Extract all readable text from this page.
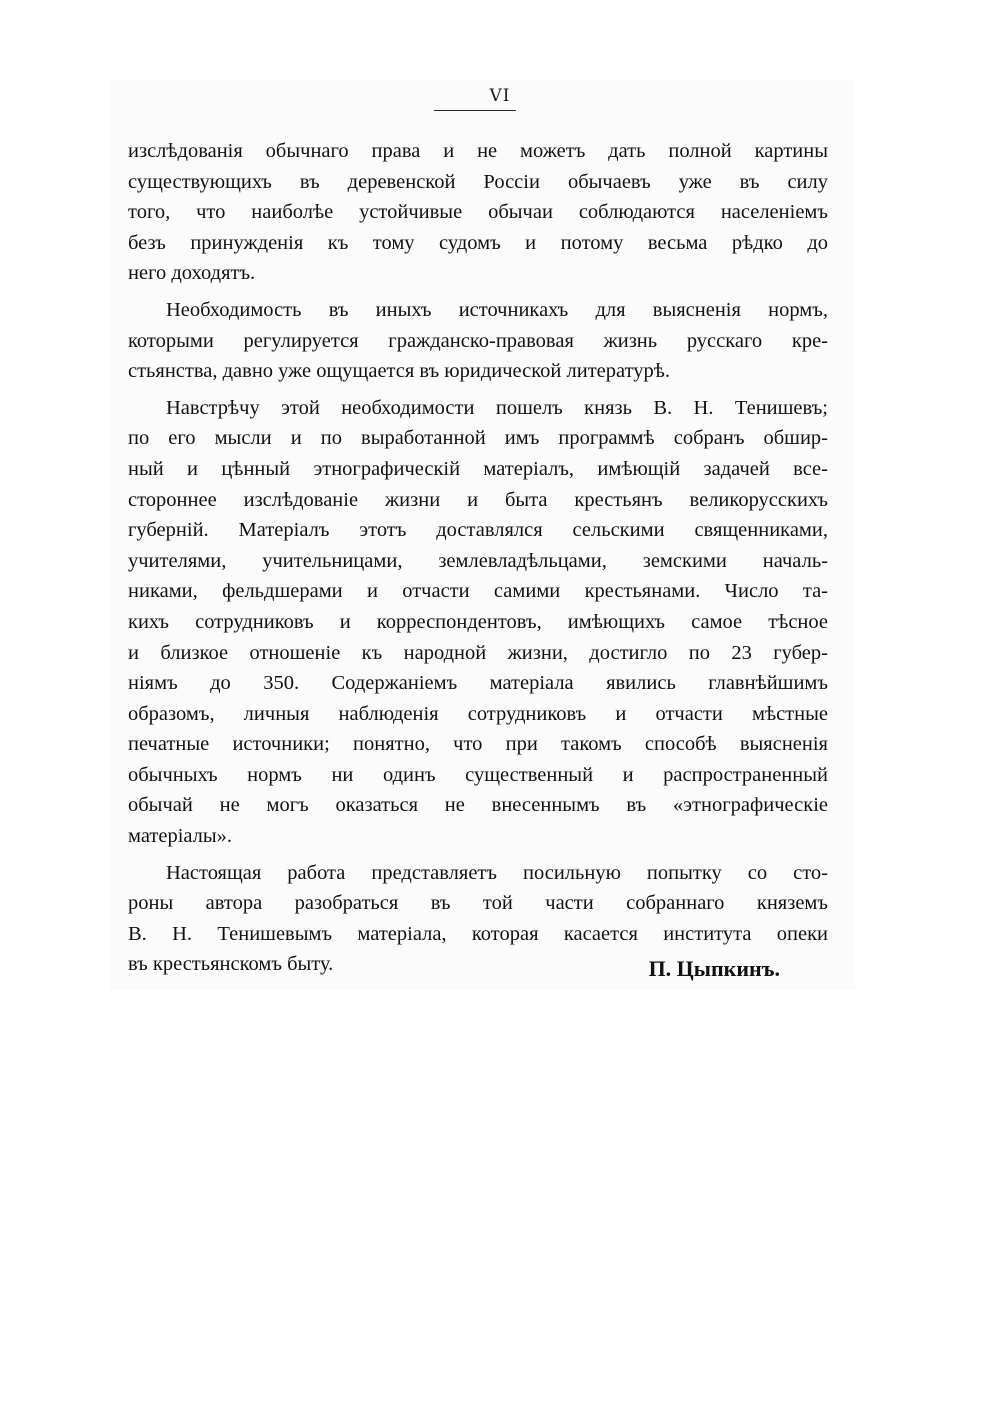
VI
изслѣдованія обычнаго права и не можетъ дать полной картины
существующихъ въ деревенской Россіи обычаевъ уже въ силу
того, что наиболѣе устойчивые обычаи соблюдаются населеніемъ
безъ принужденія къ тому судомъ и потому весьма рѣдко до
него доходятъ.
Необходимость въ иныхъ источникахъ для выясненія нормъ,
которыми регулируется гражданско-правовая жизнь русскаго кре-
стьянства, давно уже ощущается въ юридической литературѣ.
Навстрѣчу этой необходимости пошелъ князь В. Н. Тенишевъ;
по его мысли и по выработанной имъ программѣ собранъ обшир-
ный и цѣнный этнографическій матеріалъ, имѣющій задачей все-
стороннее изслѣдованіе жизни и быта крестьянъ великорусскихъ
губерній. Матеріалъ этотъ доставлялся сельскими священниками,
учителями, учительницами, землевладѣльцами, земскими началь-
никами, фельдшерами и отчасти самими крестьянами. Число та-
кихъ сотрудниковъ и корреспондентовъ, имѣющихъ самое тѣсное
и близкое отношеніе къ народной жизни, достигло по 23 губер-
ніямъ до 350. Содержаніемъ матеріала явились главнѣйшимъ
образомъ, личныя наблюденія сотрудниковъ и отчасти мѣстные
печатные источники; понятно, что при такомъ способѣ выясненія
обычныхъ нормъ ни одинъ существенный и распространенный
обычай не могъ оказаться не внесеннымъ въ «этнографическіе
матеріалы».
Настоящая работа представляетъ посильную попытку со сто-
роны автора разобраться въ той части собраннаго княземъ
В. Н. Тенишевымъ матеріала, которая касается института опеки
въ крестьянскомъ быту.	П. Цыпкинъ.
